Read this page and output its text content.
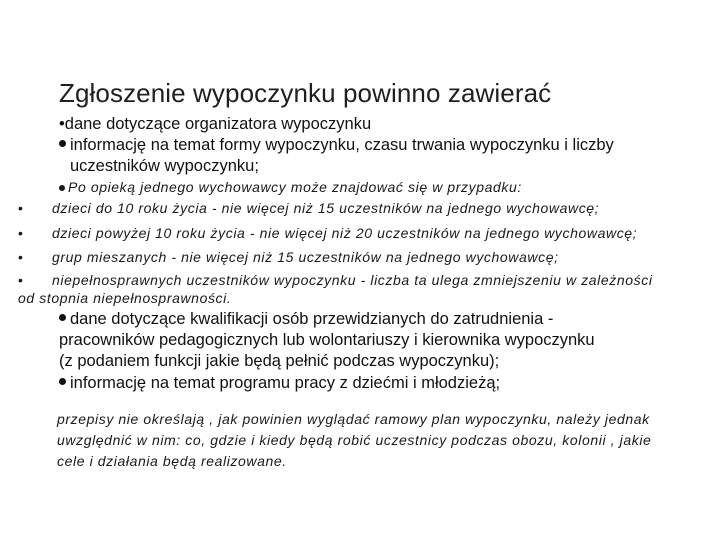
Zgłoszenie wypoczynku powinno zawierać
•dane dotyczące organizatora wypoczynku
informację na temat formy wypoczynku, czasu trwania wypoczynku i liczby
uczestników wypoczynku;
Po opieką jednego wychowawcy może znajdować się w przypadku:
• dzieci do 10 roku życia - nie więcej niż 15 uczestników na jednego wychowawcę;
• dzieci powyżej 10 roku życia - nie więcej niż 20 uczestników na jednego wychowawcę;
• grup mieszanych - nie więcej niż 15 uczestników na jednego wychowawcę;
• niepełnosprawnych uczestników wypoczynku - liczba ta ulega zmniejszeniu w zależności
od stopnia niepełnosprawności.
dane dotyczące kwalifikacji osób przewidzianych do zatrudnienia -
pracowników pedagogicznych lub wolontariuszy i kierownika wypoczynku
(z podaniem funkcji jakie będą pełnić podczas wypoczynku);
informację na temat programu pracy z dziećmi i młodzieżą;
przepisy nie określają , jak powinien wyglądać ramowy plan wypoczynku, należy jednak
uwzględnić w nim: co, gdzie i kiedy będą robić uczestnicy podczas obozu, kolonii , jakie
cele i działania będą realizowane.
